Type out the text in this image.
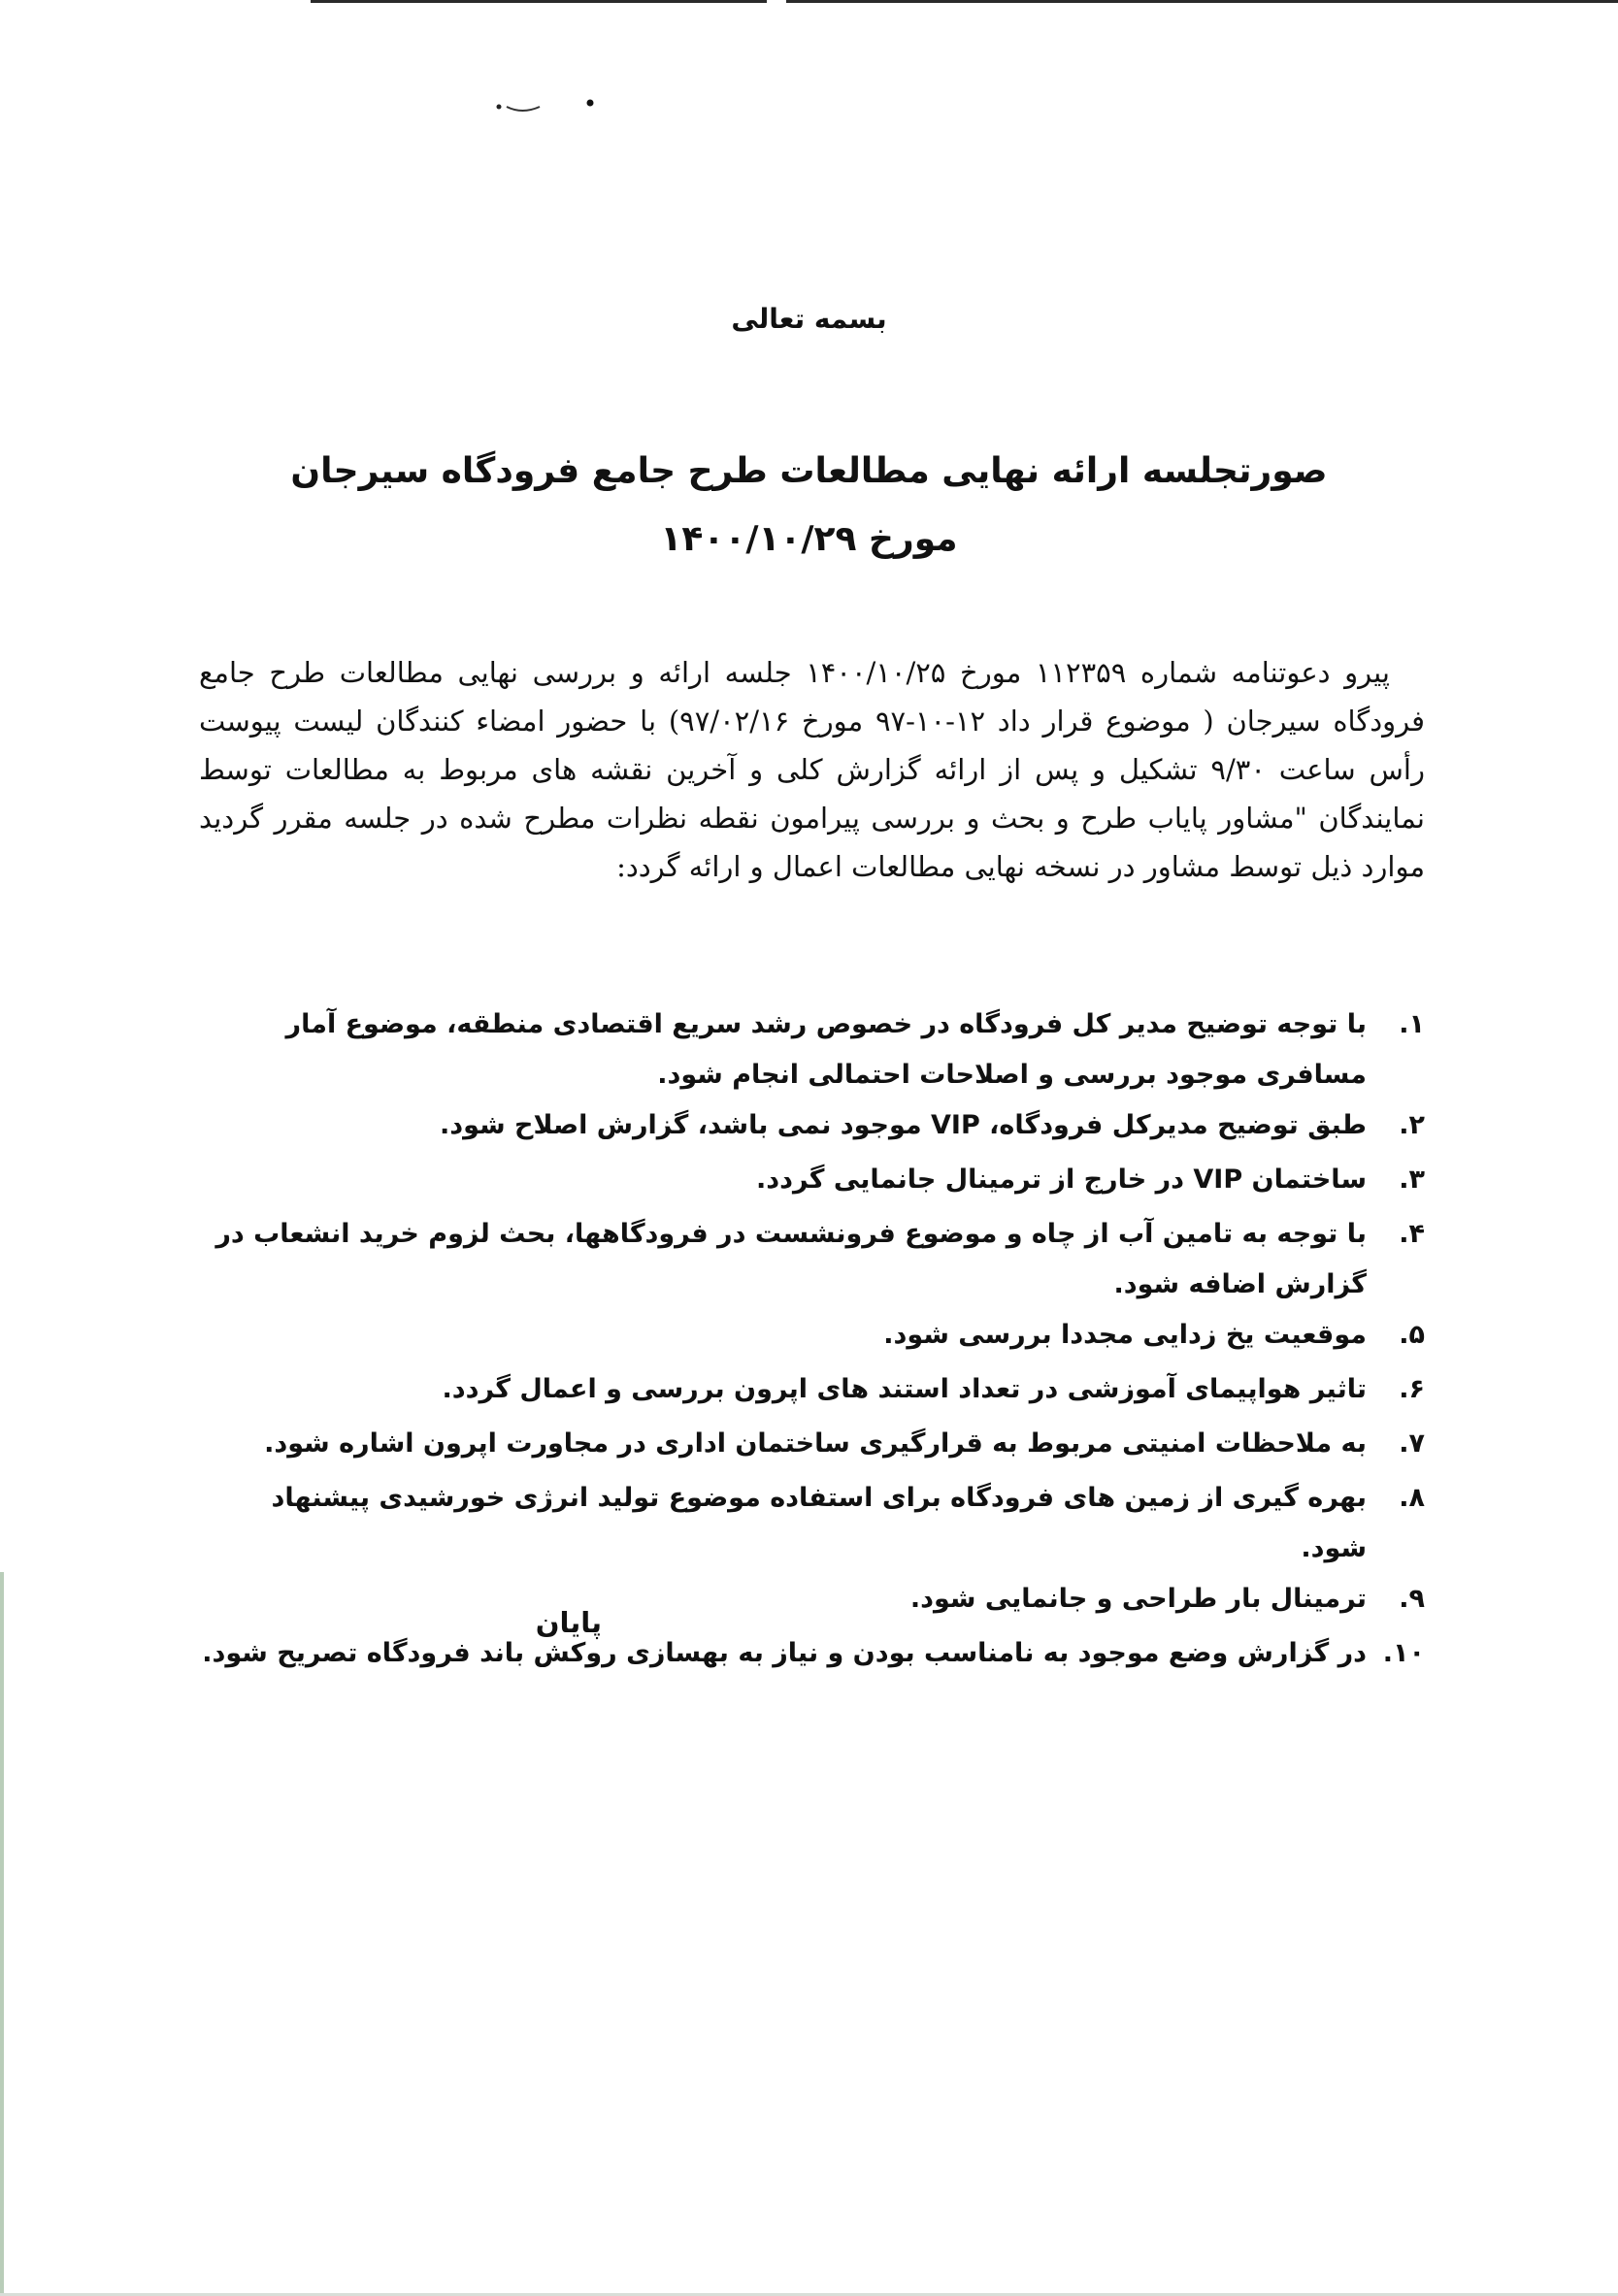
بسمه تعالی
صورتجلسه ارائه نهایی مطالعات طرح جامع فرودگاه سیرجان
مورخ ۱۴۰۰/۱۰/۲۹

پیرو دعوتنامه شماره ۱۱۲۳۵۹ مورخ ۱۴۰۰/۱۰/۲۵ جلسه ارائه و بررسی نهایی مطالعات طرح جامع فرودگاه سیرجان ( موضوع قرار داد ۱۲-۱۰-۹۷ مورخ ۹۷/۰۲/۱۶) با حضور امضاء کنندگان لیست پیوست رأس ساعت ۹/۳۰ تشکیل و پس از ارائه گزارش کلی و آخرین نقشه های مربوط به مطالعات توسط نمایندگان "مشاور پایاب طرح و بحث و بررسی پیرامون نقطه نظرات مطرح شده در جلسه مقرر گردید موارد ذیل توسط مشاور در نسخه نهایی مطالعات اعمال و ارائه گردد:

۱.
با توجه توضیح مدیر کل فرودگاه در خصوص رشد سریع اقتصادی منطقه، موضوع آمار مسافری موجود بررسی و اصلاحات احتمالی انجام شود.
۲.
طبق توضیح مدیرکل فرودگاه، VIP موجود نمی باشد، گزارش اصلاح شود.
۳.
ساختمان VIP در خارج از ترمینال جانمایی گردد.
۴.
با توجه به تامین آب از چاه و موضوع فرونشست در فرودگاهها، بحث لزوم خرید انشعاب در گزارش اضافه شود.
۵.
موقعیت یخ زدایی مجددا بررسی شود.
۶.
تاثیر هواپیمای آموزشی در تعداد استند های اپرون بررسی و اعمال گردد.
۷.
به ملاحظات امنیتی مربوط به قرارگیری ساختمان اداری در مجاورت اپرون اشاره شود.
۸.
بهره گیری از زمین های فرودگاه برای استفاده موضوع تولید انرژی خورشیدی پیشنهاد شود.
۹.
ترمینال بار طراحی و جانمایی شود.
۱۰.
در گزارش وضع موجود به نامناسب بودن و نیاز به بهسازی روکش باند فرودگاه تصریح شود.
پایان
